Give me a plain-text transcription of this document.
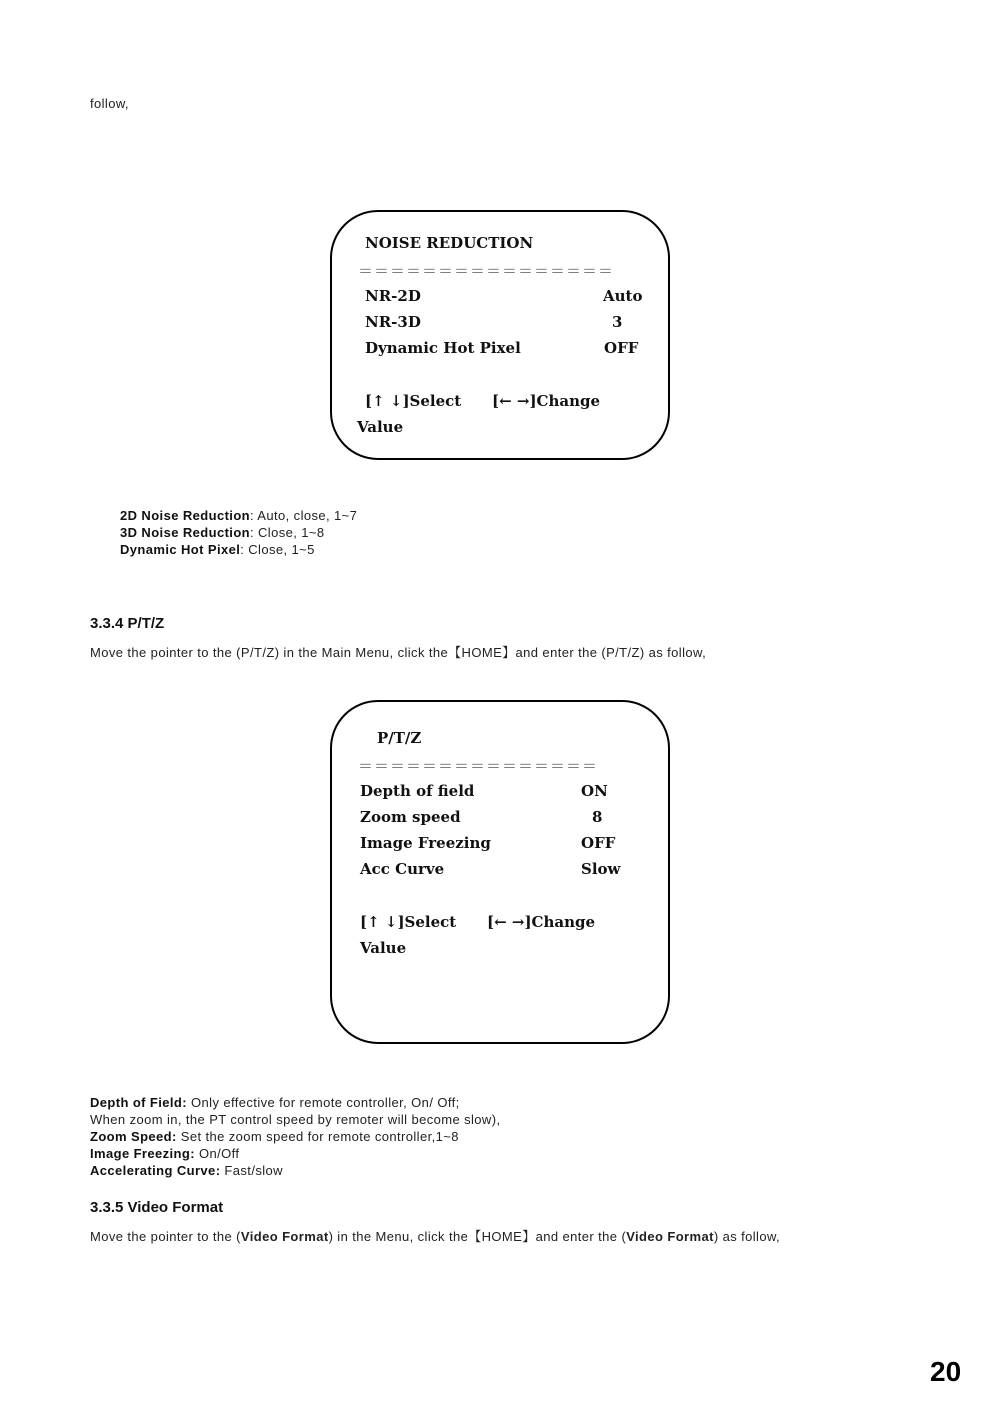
follow,
NOISE REDUCTION
＝＝＝＝＝＝＝＝＝＝＝＝＝＝＝＝
NR-2D	Auto
NR-3D	3
Dynamic Hot Pixel	OFF
[↑ ↓]Select [← →]Change
Value
2D Noise Reduction: Auto, close, 1~7
3D Noise Reduction: Close, 1~8
Dynamic Hot Pixel: Close, 1~5
3.3.4 P/T/Z
Move the pointer to the (P/T/Z) in the Main Menu, click the【HOME】and enter the (P/T/Z) as follow,
P/T/Z
＝＝＝＝＝＝＝＝＝＝＝＝＝＝＝
Depth of field	ON
Zoom speed	8
Image Freezing	OFF
Acc Curve	Slow
[↑ ↓]Select [← →]Change
Value
Depth of Field: Only effective for remote controller, On/ Off;
When zoom in, the PT control speed by remoter will become slow),
Zoom Speed: Set the zoom speed for remote controller,1~8
Image Freezing: On/Off
Accelerating Curve: Fast/slow
3.3.5 Video Format
Move the pointer to the (Video Format) in the Menu, click the【HOME】and enter the (Video Format) as follow,
20
